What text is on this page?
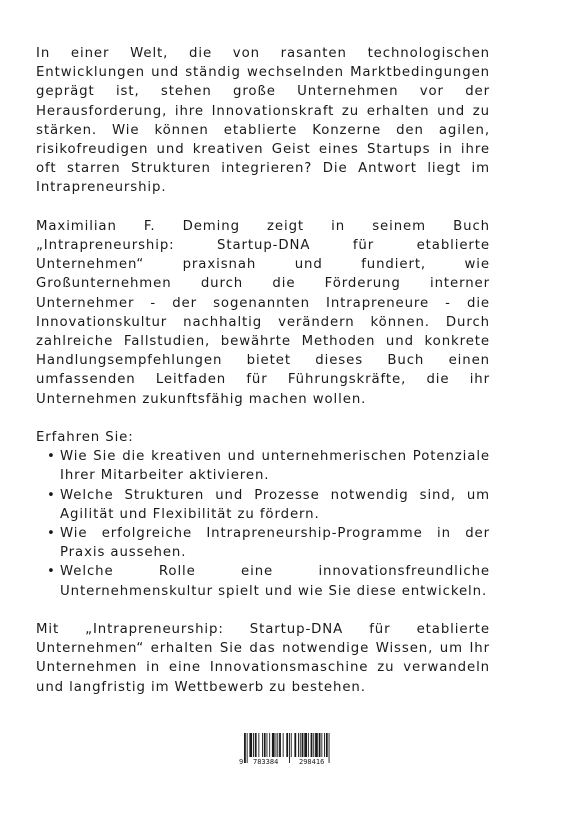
In einer Welt, die von rasanten technologischen Entwicklungen und ständig wechselnden Marktbedingungen geprägt ist, stehen große Unternehmen vor der Herausforderung, ihre Innovationskraft zu erhalten und zu stärken. Wie können etablierte Konzerne den agilen, risikofreudigen und kreativen Geist eines Startups in ihre oft starren Strukturen integrieren? Die Antwort liegt im Intrapreneurship.

Maximilian F. Deming zeigt in seinem Buch „Intrapreneurship: Startup-DNA für etablierte Unternehmen“ praxisnah und fundiert, wie Großunternehmen durch die Förderung interner Unternehmer - der sogenannten Intrapreneure - die Innovationskultur nachhaltig verändern können. Durch zahlreiche Fallstudien, bewährte Methoden und konkrete Handlungsempfehlungen bietet dieses Buch einen umfassenden Leitfaden für Führungskräfte, die ihr Unternehmen zukunftsfähig machen wollen.

Erfahren Sie:
• Wie Sie die kreativen und unternehmerischen Potenziale Ihrer Mitarbeiter aktivieren.
• Welche Strukturen und Prozesse notwendig sind, um Agilität und Flexibilität zu fördern.
• Wie erfolgreiche Intrapreneurship-Programme in der Praxis aussehen.
• Welche Rolle eine innovationsfreundliche Unternehmenskultur spielt und wie Sie diese entwickeln.

Mit „Intrapreneurship: Startup-DNA für etablierte Unternehmen“ erhalten Sie das notwendige Wissen, um Ihr Unternehmen in eine Innovationsmaschine zu verwandeln und langfristig im Wettbewerb zu bestehen.

9 783384	298416
